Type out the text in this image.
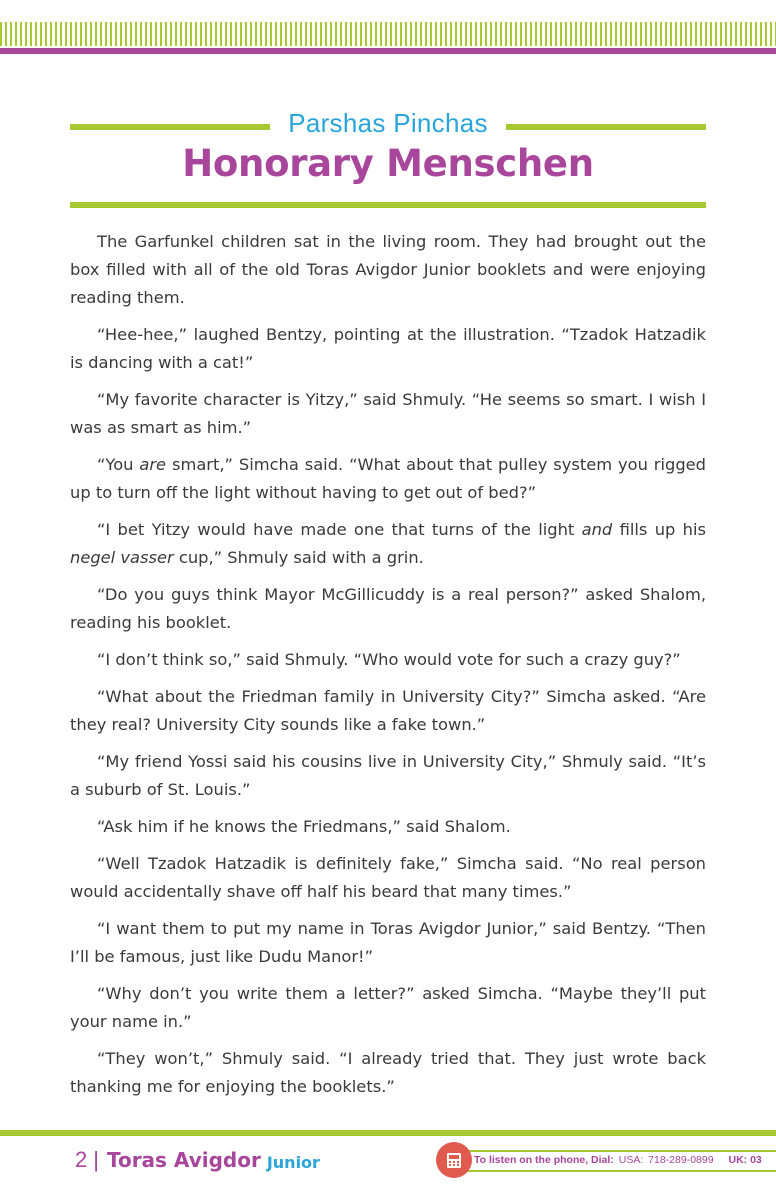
Parshas Pinchas
Honorary Menschen

The Garfunkel children sat in the living room. They had brought out the box filled with all of the old Toras Avigdor Junior booklets and were enjoying reading them.

“Hee-hee,” laughed Bentzy, pointing at the illustration. “Tzadok Hatzadik is dancing with a cat!”

“My favorite character is Yitzy,” said Shmuly. “He seems so smart. I wish I was as smart as him.”

“You are smart,” Simcha said. “What about that pulley system you rigged up to turn off the light without having to get out of bed?”

“I bet Yitzy would have made one that turns of the light and fills up his negel vasser cup,” Shmuly said with a grin.

“Do you guys think Mayor McGillicuddy is a real person?” asked Shalom, reading his booklet.

“I don’t think so,” said Shmuly. “Who would vote for such a crazy guy?”

“What about the Friedman family in University City?” Simcha asked. “Are they real? University City sounds like a fake town.”

“My friend Yossi said his cousins live in University City,” Shmuly said. “It’s a suburb of St. Louis.”

“Ask him if he knows the Friedmans,” said Shalom.

“Well Tzadok Hatzadik is definitely fake,” Simcha said. “No real person would accidentally shave off half his beard that many times.”

“I want them to put my name in Toras Avigdor Junior,” said Bentzy. “Then I’ll be famous, just like Dudu Manor!”

“Why don’t you write them a letter?” asked Simcha. “Maybe they’ll put your name in.”

“They won’t,” Shmuly said. “I already tried that. They just wrote back thanking me for enjoying the booklets.”

2 | Toras Avigdor Junior	To listen on the phone, Dial: USA: 718-289-0899 UK: 03
